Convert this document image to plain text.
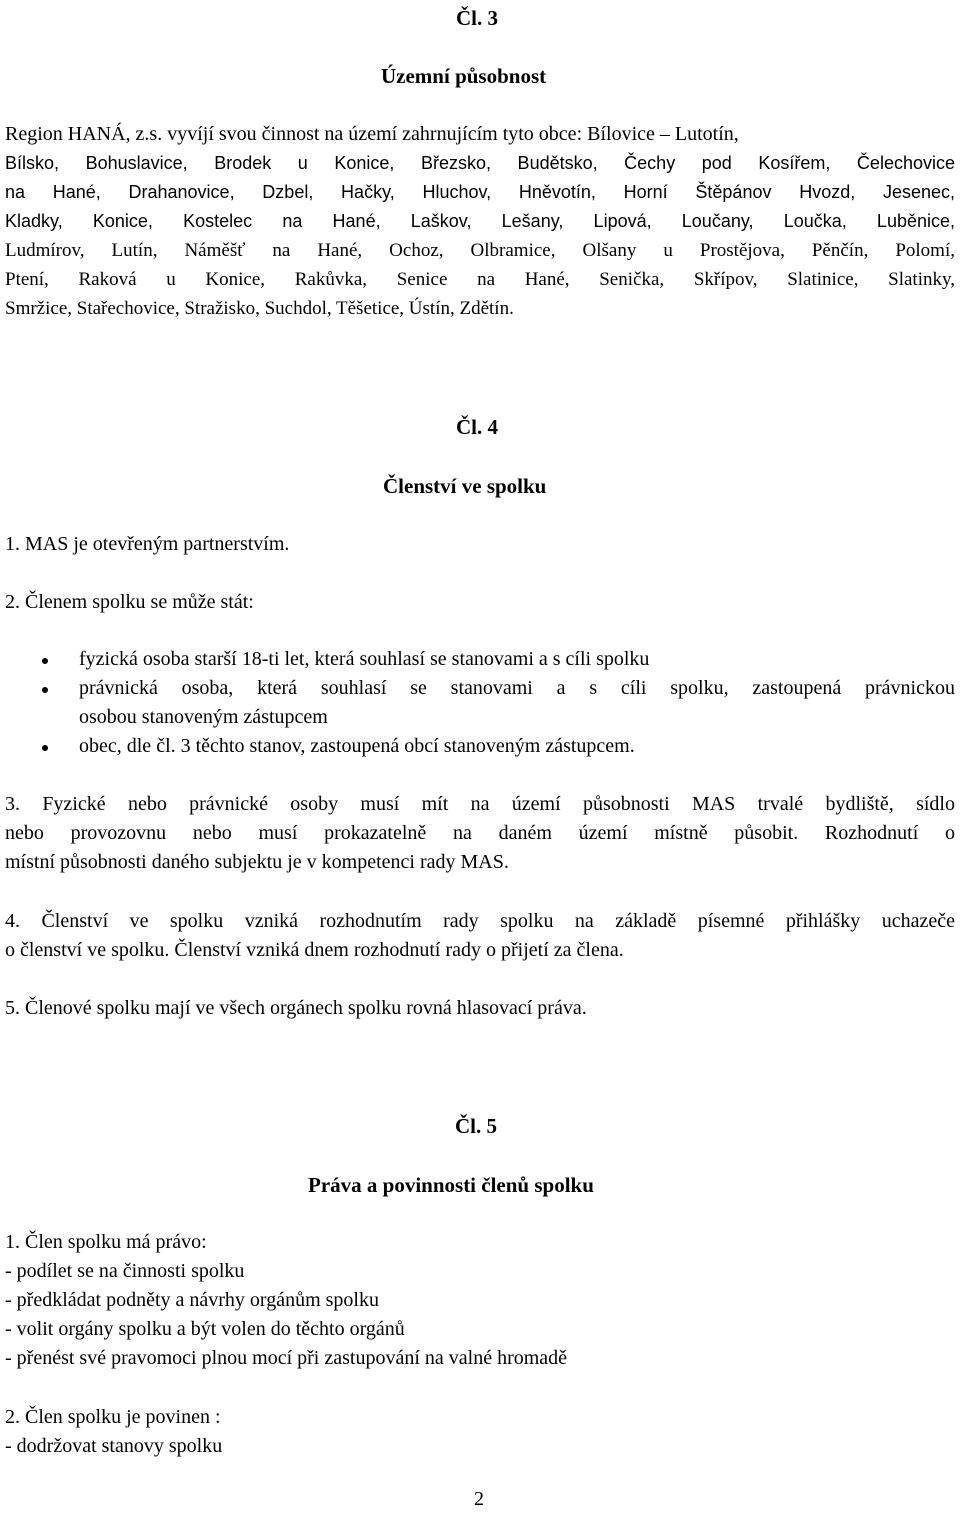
Čl. 3
Územní působnost
Region HANÁ, z.s. vyvíjí svou činnost na území zahrnujícím tyto obce: Bílovice – Lutotín,
Bílsko, Bohuslavice, Brodek u Konice, Březsko, Budětsko, Čechy pod Kosířem, Čelechovice
na Hané, Drahanovice, Dzbel, Hačky, Hluchov, Hněvotín, Horní Štěpánov Hvozd, Jesenec,
Kladky, Konice, Kostelec na Hané, Laškov, Lešany, Lipová, Loučany, Loučka, Luběnice,
Ludmírov, Lutín, Náměšť na Hané, Ochoz, Olbramice, Olšany u Prostějova, Pěnčín, Polomí,
Ptení, Raková u Konice, Rakůvka, Senice na Hané, Senička, Skřípov, Slatinice, Slatinky,
Smržice, Stařechovice, Stražisko, Suchdol, Těšetice, Ústín, Zdětín.
Čl. 4
Členství ve spolku
1. MAS je otevřeným partnerstvím.
2. Členem spolku se může stát:
fyzická osoba starší 18-ti let, která souhlasí se stanovami a s cíli spolku
právnická osoba, která souhlasí se stanovami a s cíli spolku, zastoupená právnickou
osobou stanoveným zástupcem
obec, dle čl. 3 těchto stanov, zastoupená obcí stanoveným zástupcem.
3. Fyzické nebo právnické osoby musí mít na území působnosti MAS trvalé bydliště, sídlo
nebo provozovnu nebo musí prokazatelně na daném území místně působit. Rozhodnutí o
místní působnosti daného subjektu je v kompetenci rady MAS.
4. Členství ve spolku vzniká rozhodnutím rady spolku na základě písemné přihlášky uchazeče
o členství ve spolku. Členství vzniká dnem rozhodnutí rady o přijetí za člena.
5. Členové spolku mají ve všech orgánech spolku rovná hlasovací práva.
Čl. 5
Práva a povinnosti členů spolku
1. Člen spolku má právo:
- podílet se na činnosti spolku
- předkládat podněty a návrhy orgánům spolku
- volit orgány spolku a být volen do těchto orgánů
- přenést své pravomoci plnou mocí při zastupování na valné hromadě
2. Člen spolku je povinen :
- dodržovat stanovy spolku
2
